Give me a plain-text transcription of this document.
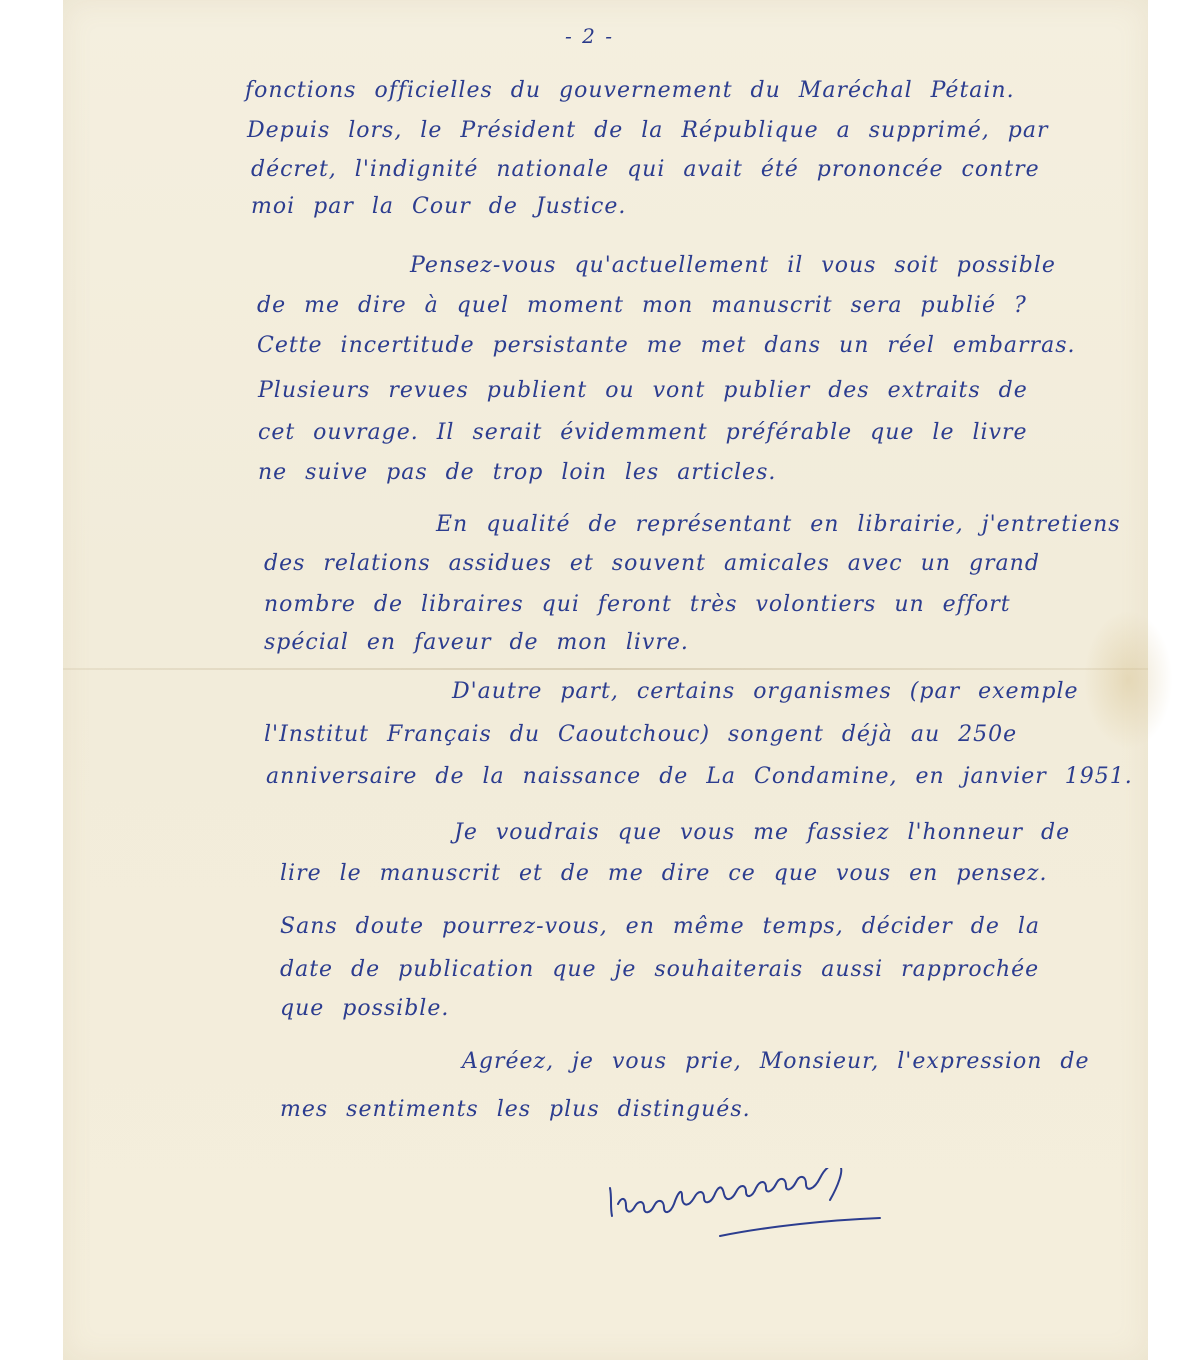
- 2 -
fonctions officielles du gouvernement du Maréchal Pétain.
Depuis lors, le Président de la République a supprimé, par
décret, l'indignité nationale qui avait été prononcée contre
moi par la Cour de Justice.
Pensez-vous qu'actuellement il vous soit possible
de me dire à quel moment mon manuscrit sera publié ?
Cette incertitude persistante me met dans un réel embarras.
Plusieurs revues publient ou vont publier des extraits de
cet ouvrage. Il serait évidemment préférable que le livre
ne suive pas de trop loin les articles.
En qualité de représentant en librairie, j'entretiens
des relations assidues et souvent amicales avec un grand
nombre de libraires qui feront très volontiers un effort
spécial en faveur de mon livre.
D'autre part, certains organismes (par exemple
l'Institut Français du Caoutchouc) songent déjà au 250e
anniversaire de la naissance de La Condamine, en janvier 1951.
Je voudrais que vous me fassiez l'honneur de
lire le manuscrit et de me dire ce que vous en pensez.
Sans doute pourrez-vous, en même temps, décider de la
date de publication que je souhaiterais aussi rapprochée
que possible.
Agréez, je vous prie, Monsieur, l'expression de
mes sentiments les plus distingués.
